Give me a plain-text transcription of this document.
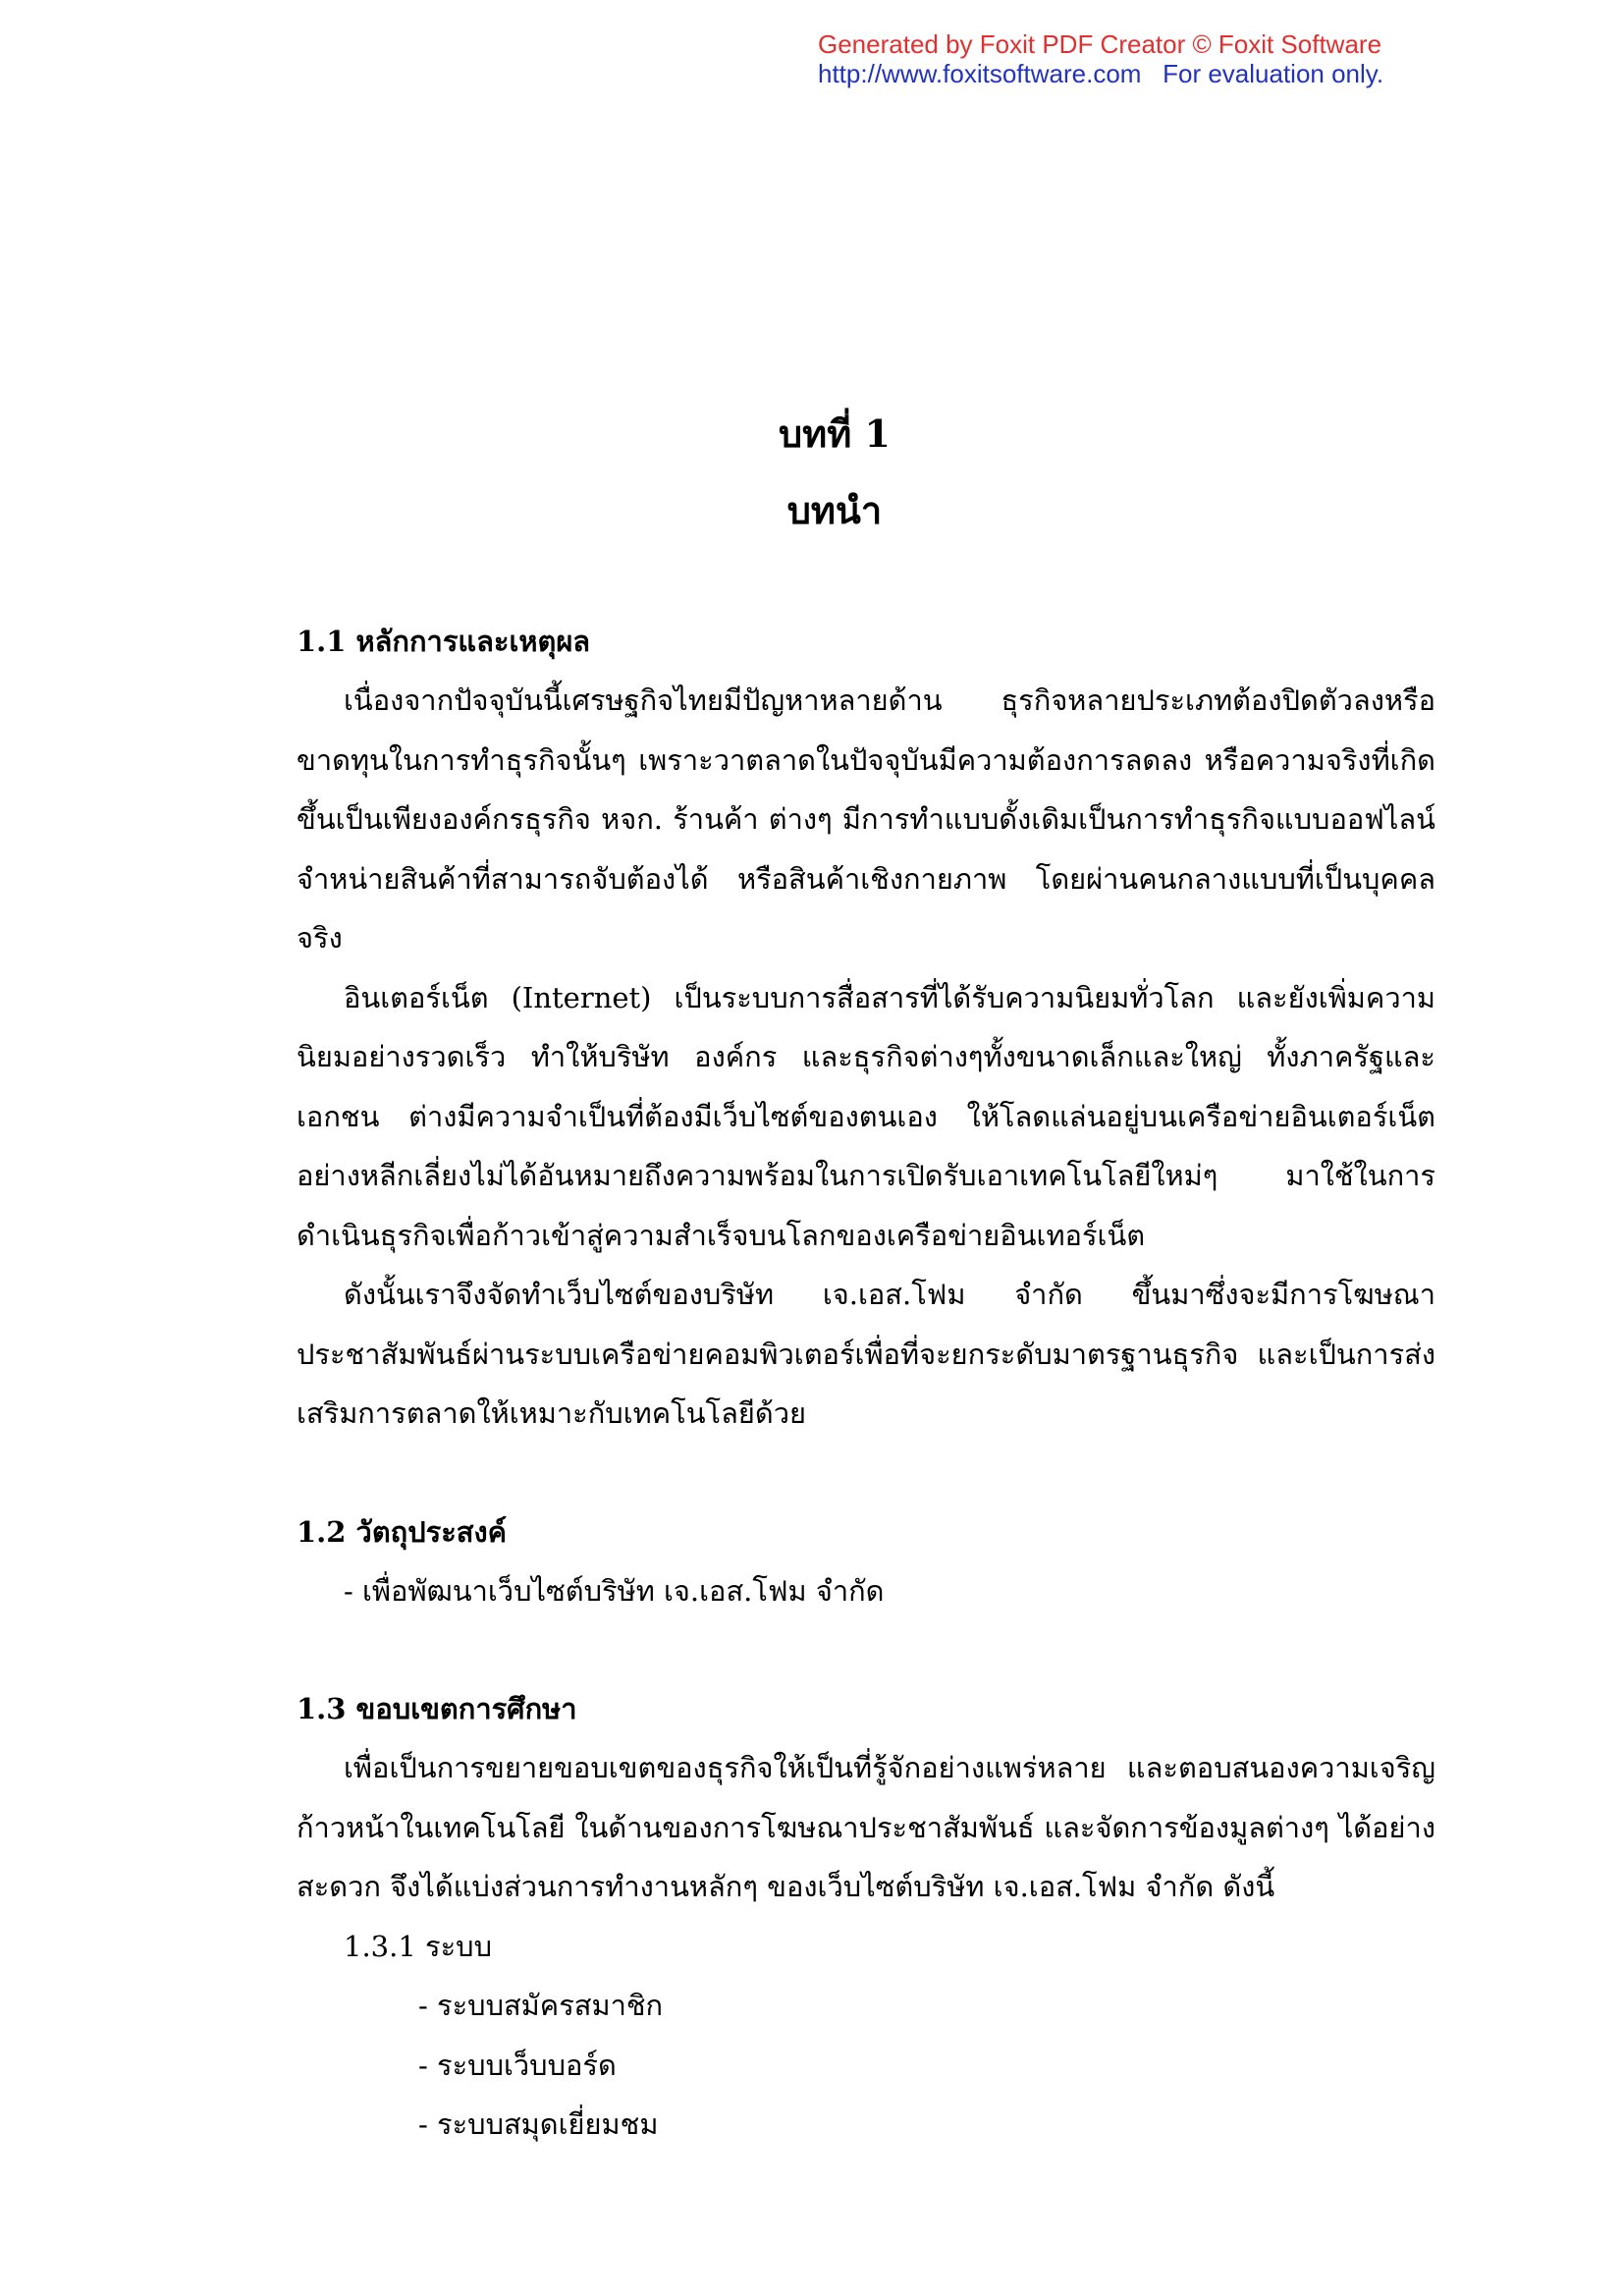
Generated by Foxit PDF Creator © Foxit Software
http://www.foxitsoftware.com   For evaluation only.
บทที่ 1
บทนำ

1.1 หลักการและเหตุผล

เนื่องจากปัจจุบันนี้เศรษฐกิจไทยมีปัญหาหลายด้าน ธุรกิจหลายประเภทต้องปิดตัวลงหรือขาดทุนในการทำธุรกิจนั้นๆ เพราะวาตลาดในปัจจุบันมีความต้องการลดลง หรือความจริงที่เกิดขึ้นเป็นเพียงองค์กรธุรกิจ หจก. ร้านค้า ต่างๆ มีการทำแบบดั้งเดิมเป็นการทำธุรกิจแบบออฟไลน์จำหน่ายสินค้าที่สามารถจับต้องได้ หรือสินค้าเชิงกายภาพ โดยผ่านคนกลางแบบที่เป็นบุคคลจริง

อินเตอร์เน็ต (Internet) เป็นระบบการสื่อสารที่ได้รับความนิยมทั่วโลก และยังเพิ่มความนิยมอย่างรวดเร็ว ทำให้บริษัท องค์กร และธุรกิจต่างๆทั้งขนาดเล็กและใหญ่ ทั้งภาครัฐและเอกชน ต่างมีความจำเป็นที่ต้องมีเว็บไซต์ของตนเอง ให้โลดแล่นอยู่บนเครือข่ายอินเตอร์เน็ตอย่างหลีกเลี่ยงไม่ได้อันหมายถึงความพร้อมในการเปิดรับเอาเทคโนโลยีใหม่ๆ มาใช้ในการดำเนินธุรกิจเพื่อก้าวเข้าสู่ความสำเร็จบนโลกของเครือข่ายอินเทอร์เน็ต

ดังนั้นเราจึงจัดทำเว็บไซต์ของบริษัท เจ.เอส.โฟม จำกัด ขึ้นมาซึ่งจะมีการโฆษณาประชาสัมพันธ์ผ่านระบบเครือข่ายคอมพิวเตอร์เพื่อที่จะยกระดับมาตรฐานธุรกิจ และเป็นการส่งเสริมการตลาดให้เหมาะกับเทคโนโลยีด้วย

1.2 วัตถุประสงค์

- เพื่อพัฒนาเว็บไซต์บริษัท เจ.เอส.โฟม จำกัด

1.3 ขอบเขตการศึกษา

เพื่อเป็นการขยายขอบเขตของธุรกิจให้เป็นที่รู้จักอย่างแพร่หลาย และตอบสนองความเจริญก้าวหน้าในเทคโนโลยี ในด้านของการโฆษณาประชาสัมพันธ์ และจัดการข้องมูลต่างๆ ได้อย่างสะดวก จึงได้แบ่งส่วนการทำงานหลักๆ ของเว็บไซต์บริษัท เจ.เอส.โฟม จำกัด ดังนี้

1.3.1 ระบบ

- ระบบสมัครสมาชิก

- ระบบเว็บบอร์ด

- ระบบสมุดเยี่ยมชม
